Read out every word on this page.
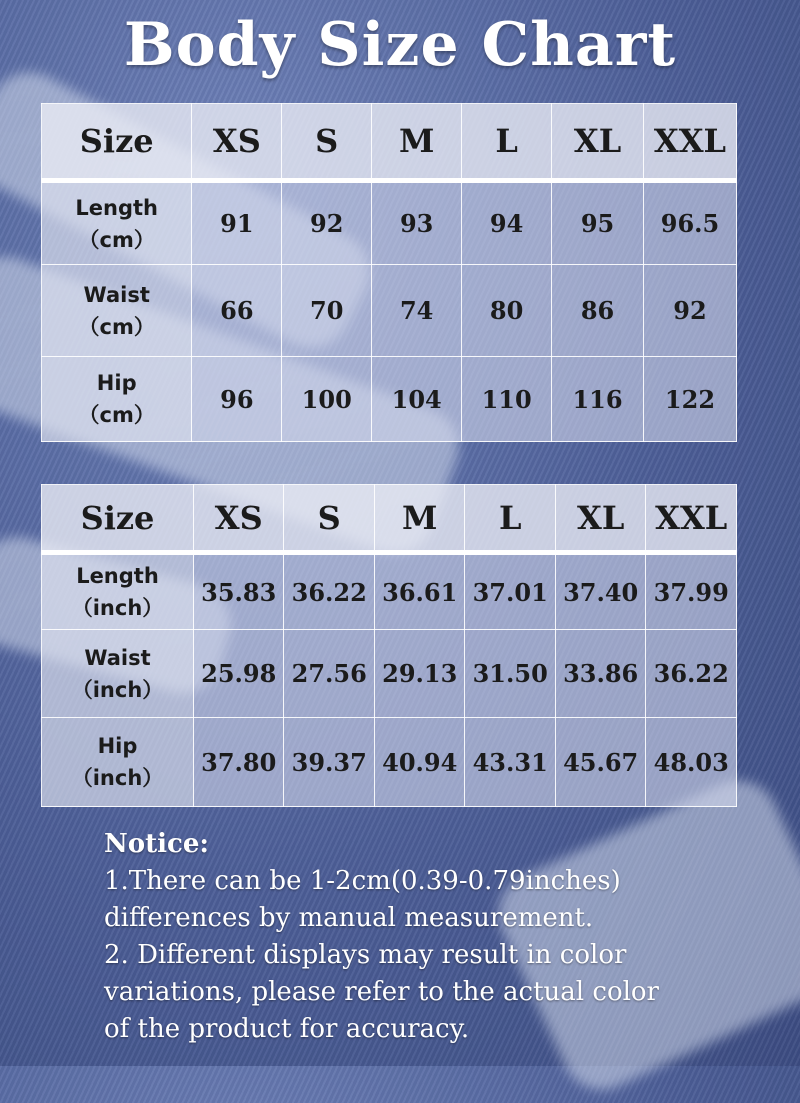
Body Size Chart
Size	XS	S	M	L	XL	XXL

Length
（cm）	91	92	93	94	95	96.5

Waist
（cm）	66	70	74	80	86	92

Hip
（cm）	96	100	104	110	116	122
Size	XS	S	M	L	XL	XXL

Length
（inch）	35.83	36.22	36.61	37.01	37.40	37.99

Waist
（inch）	25.98	27.56	29.13	31.50	33.86	36.22

Hip
（inch）	37.80	39.37	40.94	43.31	45.67	48.03
Notice:
1.There can be 1-2cm(0.39-0.79inches)
differences by manual measurement.
2. Different displays may result in color
variations, please refer to the actual color
of the product for accuracy.
